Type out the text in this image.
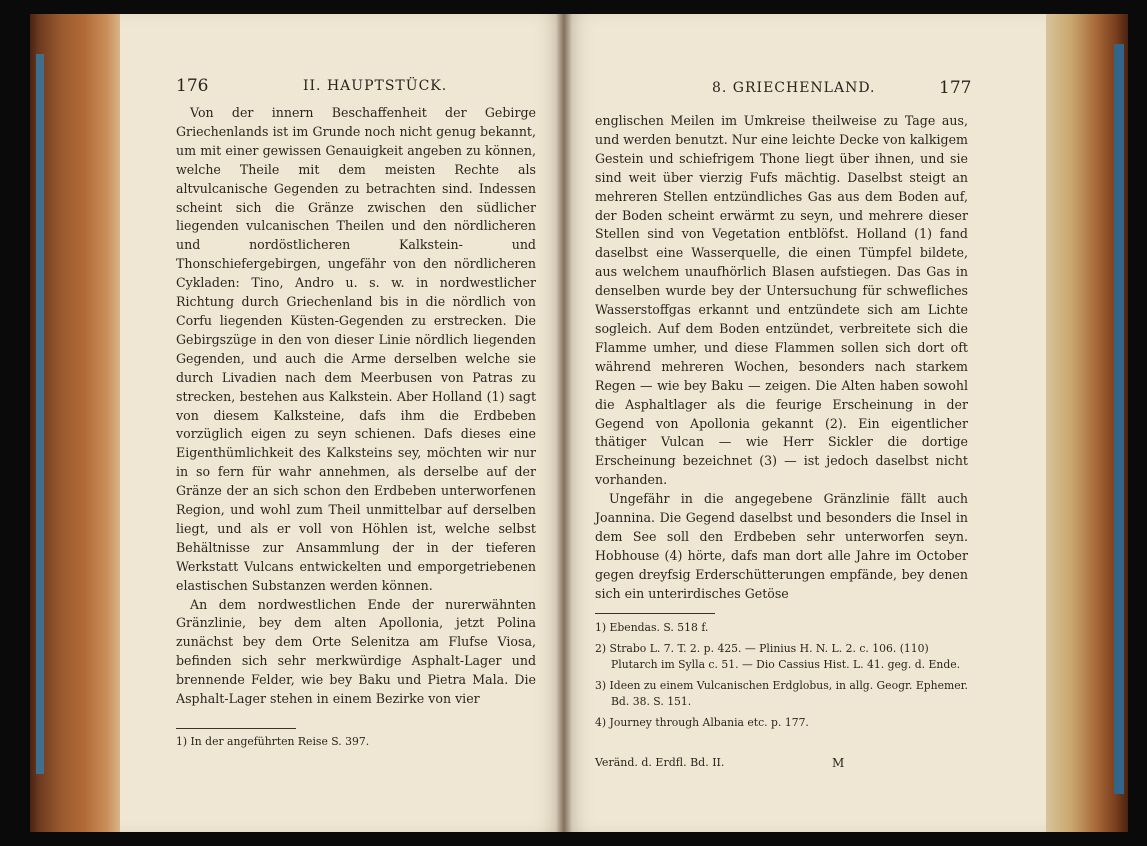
176	II. HAUPTSTÜCK.

Von der innern Beschaffenheit der Gebirge Griechenlands ist im Grunde noch nicht genug bekannt, um mit einer gewissen Genauigkeit angeben zu können, welche Theile mit dem meisten Rechte als altvulcanische Gegenden zu betrachten sind. Indessen scheint sich die Gränze zwischen den südlicher liegenden vulcanischen Theilen und den nördlicheren und nordöstlicheren Kalkstein- und Thonschiefergebirgen, ungefähr von den nördlicheren Cykladen: Tino, Andro u. s. w. in nordwestlicher Richtung durch Griechenland bis in die nördlich von Corfu liegenden Küsten-Gegenden zu erstrecken. Die Gebirgszüge in den von dieser Linie nördlich liegenden Gegenden, und auch die Arme derselben welche sie durch Livadien nach dem Meerbusen von Patras zu strecken, bestehen aus Kalkstein. Aber Holland (1) sagt von diesem Kalksteine, dafs ihm die Erdbeben vorzüglich eigen zu seyn schienen. Dafs dieses eine Eigenthümlichkeit des Kalksteins sey, möchten wir nur in so fern für wahr annehmen, als derselbe auf der Gränze der an sich schon den Erdbeben unterworfenen Region, und wohl zum Theil unmittelbar auf derselben liegt, und als er voll von Höhlen ist, welche selbst Behältnisse zur Ansammlung der in der tieferen Werkstatt Vulcans entwickelten und emporgetriebenen elastischen Substanzen werden können.

An dem nordwestlichen Ende der nurerwähnten Gränzlinie, bey dem alten Apollonia, jetzt Polina zunächst bey dem Orte Selenitza am Flufse Viosa, befinden sich sehr merkwürdige Asphalt-Lager und brennende Felder, wie bey Baku und Pietra Mala. Die Asphalt-Lager stehen in einem Bezirke von vier

1) In der angeführten Reise S. 397.
8. GRIECHENLAND.	177

englischen Meilen im Umkreise theilweise zu Tage aus, und werden benutzt. Nur eine leichte Decke von kalkigem Gestein und schiefrigem Thone liegt über ihnen, und sie sind weit über vierzig Fufs mächtig. Daselbst steigt an mehreren Stellen entzündliches Gas aus dem Boden auf, der Boden scheint erwärmt zu seyn, und mehrere dieser Stellen sind von Vegetation entblöfst. Holland (1) fand daselbst eine Wasserquelle, die einen Tümpfel bildete, aus welchem unaufhörlich Blasen aufstiegen. Das Gas in denselben wurde bey der Untersuchung für schwefliches Wasserstoffgas erkannt und entzündete sich am Lichte sogleich. Auf dem Boden entzündet, verbreitete sich die Flamme umher, und diese Flammen sollen sich dort oft während mehreren Wochen, besonders nach starkem Regen — wie bey Baku — zeigen. Die Alten haben sowohl die Asphaltlager als die feurige Erscheinung in der Gegend von Apollonia gekannt (2). Ein eigentlicher thätiger Vulcan — wie Herr Sickler die dortige Erscheinung bezeichnet (3) — ist jedoch daselbst nicht vorhanden.

Ungefähr in die angegebene Gränzlinie fällt auch Joannina. Die Gegend daselbst und besonders die Insel in dem See soll den Erdbeben sehr unterworfen seyn. Hobhouse (4) hörte, dafs man dort alle Jahre im October gegen dreyfsig Erderschütterungen empfände, bey denen sich ein unterirdisches Getöse

1) Ebendas. S. 518 f.
2) Strabo L. 7. T. 2. p. 425. — Plinius H. N. L. 2. c. 106. (110) Plutarch im Sylla c. 51. — Dio Cassius Hist. L. 41. geg. d. Ende.
3) Ideen zu einem Vulcanischen Erdglobus, in allg. Geogr. Ephemer. Bd. 38. S. 151.
4) Journey through Albania etc. p. 177.
Veränd. d. Erdfl. Bd. II.	M
